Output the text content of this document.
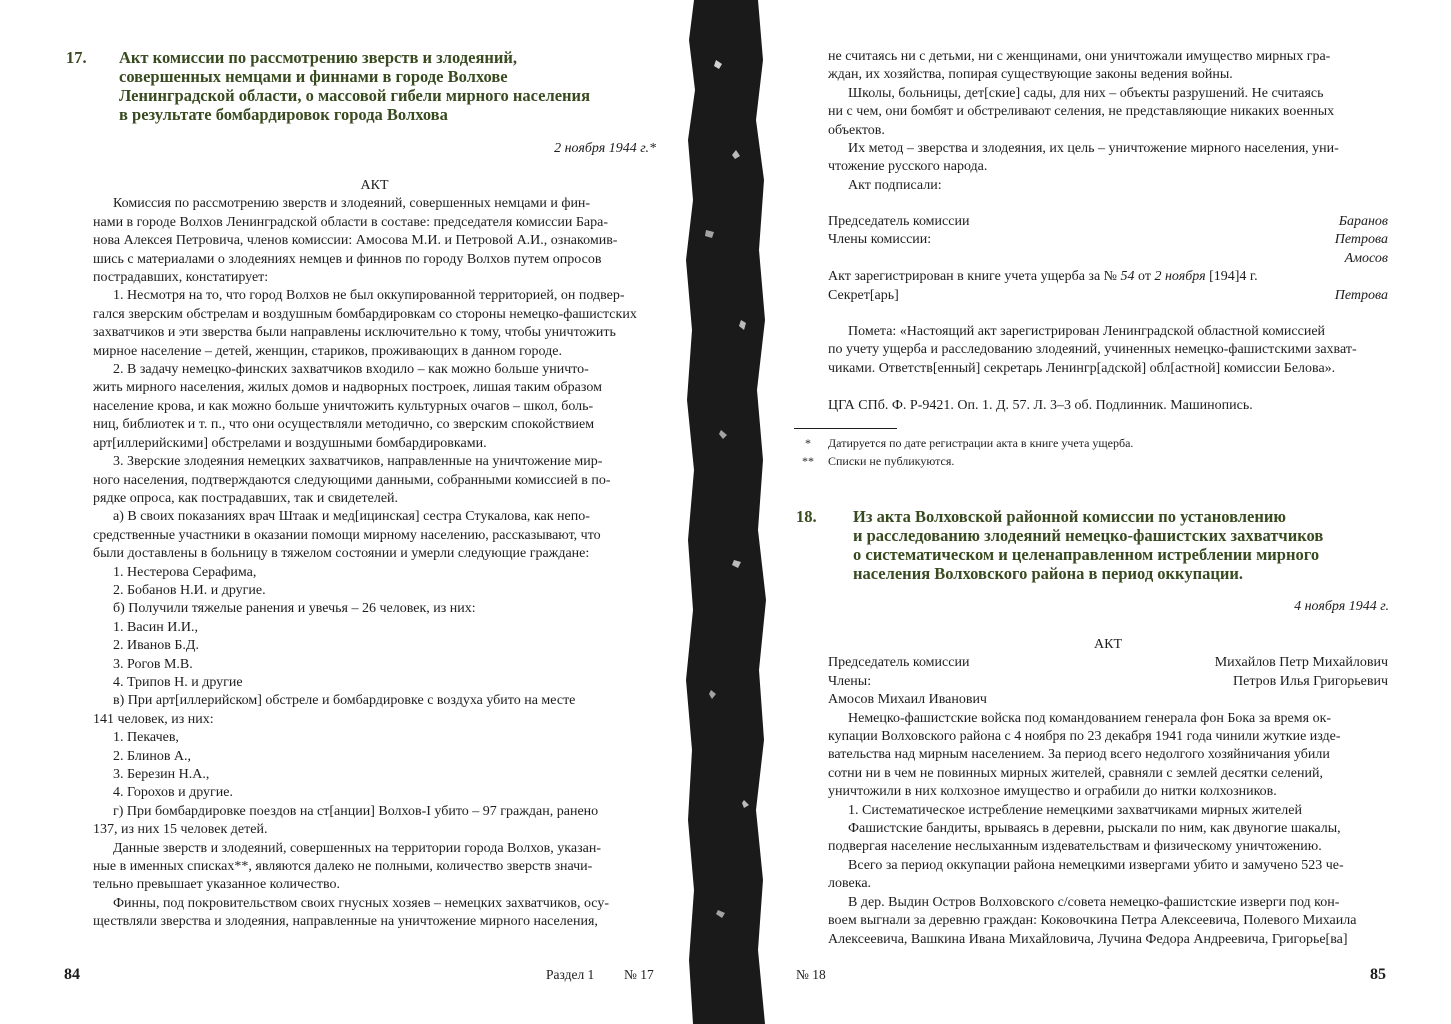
17. Акт комиссии по рассмотрению зверств и злодеяний,
совершенных немцами и финнами в городе Волхове
Ленинградской области, о массовой гибели мирного населения
в результате бомбардировок города Волхова
2 ноября 1944 г.*

АКТ

Комиссия по рассмотрению зверств и злодеяний, совершенных немцами и фин-

нами в городе Волхов Ленинградской области в составе: председателя комиссии Бара-

нова Алексея Петровича, членов комиссии: Амосова М.И. и Петровой А.И., ознакомив-

шись с материалами о злодеяниях немцев и финнов по городу Волхов путем опросов

пострадавших, констатирует:

1. Несмотря на то, что город Волхов не был оккупированной территорией, он подвер-

гался зверским обстрелам и воздушным бомбардировкам со стороны немецко-фашистских

захватчиков и эти зверства были направлены исключительно к тому, чтобы уничтожить

мирное население – детей, женщин, стариков, проживающих в данном городе.

2. В задачу немецко-финских захватчиков входило – как можно больше уничто-

жить мирного населения, жилых домов и надворных построек, лишая таким образом

население крова, и как можно больше уничтожить культурных очагов – школ, боль-

ниц, библиотек и т. п., что они осуществляли методично, со зверским спокойствием

арт[иллерийскими] обстрелами и воздушными бомбардировками.

3. Зверские злодеяния немецких захватчиков, направленные на уничтожение мир-

ного населения, подтверждаются следующими данными, собранными комиссией в по-

рядке опроса, как пострадавших, так и свидетелей.

а) В своих показаниях врач Штаак и мед[ицинская] сестра Стукалова, как непо-

средственные участники в оказании помощи мирному населению, рассказывают, что

были доставлены в больницу в тяжелом состоянии и умерли следующие граждане:

1. Нестерова Серафима,

2. Бобанов Н.И. и другие.

б) Получили тяжелые ранения и увечья – 26 человек, из них:

1. Васин И.И.,

2. Иванов Б.Д.

3. Рогов М.В.

4. Трипов Н. и другие

в) При арт[иллерийском] обстреле и бомбардировке с воздуха убито на месте

141 человек, из них:

1. Пекачев,

2. Блинов А.,

3. Березин Н.А.,

4. Горохов и другие.

г) При бомбардировке поездов на ст[анции] Волхов-I убито – 97 граждан, ранено

137, из них 15 человек детей.

Данные зверств и злодеяний, совершенных на территории города Волхов, указан-

ные в именных списках**, являются далеко не полными, количество зверств значи-

тельно превышает указанное количество.

Финны, под покровительством своих гнусных хозяев – немецких захватчиков, осу-

ществляли зверства и злодеяния, направленные на уничтожение мирного населения,

84	Раздел 1 № 17

не считаясь ни с детьми, ни с женщинами, они уничтожали имущество мирных гра-

ждан, их хозяйства, попирая существующие законы ведения войны.

Школы, больницы, дет[ские] сады, для них – объекты разрушений. Не считаясь

ни с чем, они бомбят и обстреливают селения, не представляющие никаких военных

объектов.

Их метод – зверства и злодеяния, их цель – уничтожение мирного населения, уни-

чтожение русского народа.

Акт подписали:

Председатель комиссии	Баранов
Члены комиссии:	Петрова
Амосов

Акт зарегистрирован в книге учета ущерба за № 54 от 2 ноября [194]4 г.

Секрет[арь]	Петрова

Помета: «Настоящий акт зарегистрирован Ленинградской областной комиссией

по учету ущерба и расследованию злодеяний, учиненных немецко-фашистскими захват-

чиками. Ответств[енный] секретарь Ленингр[адской] обл[астной] комиссии Белова».

ЦГА СПб. Ф. Р-9421. Оп. 1. Д. 57. Л. 3–3 об. Подлинник. Машинопись.

*	Датируется по дате регистрации акта в книге учета ущерба.
**	Списки не публикуются.
18. Из акта Волховской районной комиссии по установлению
и расследованию злодеяний немецко-фашистских захватчиков
о систематическом и целенаправленном истреблении мирного
населения Волховского района в период оккупации.
4 ноября 1944 г.

АКТ

Председатель комиссии	Михайлов Петр Михайлович
Члены:	Петров Илья Григорьевич

Амосов Михаил Иванович

Немецко-фашистские войска под командованием генерала фон Бока за время ок-

купации Волховского района с 4 ноября по 23 декабря 1941 года чинили жуткие изде-

вательства над мирным населением. За период всего недолгого хозяйничания убили

сотни ни в чем не повинных мирных жителей, сравняли с землей десятки селений,

уничтожили в них колхозное имущество и ограбили до нитки колхозников.

1. Систематическое истребление немецкими захватчиками мирных жителей

Фашистские бандиты, врываясь в деревни, рыскали по ним, как двуногие шакалы,

подвергая население неслыханным издевательствам и физическому уничтожению.

Всего за период оккупации района немецкими извергами убито и замучено 523 че-

ловека.

В дер. Выдин Остров Волховского с/совета немецко-фашистские изверги под кон-

воем выгнали за деревню граждан: Коковочкина Петра Алексеевича, Полевого Михаила

Алексеевича, Вашкина Ивана Михайловича, Лучина Федора Андреевича, Григорье[ва]

№ 18	85
